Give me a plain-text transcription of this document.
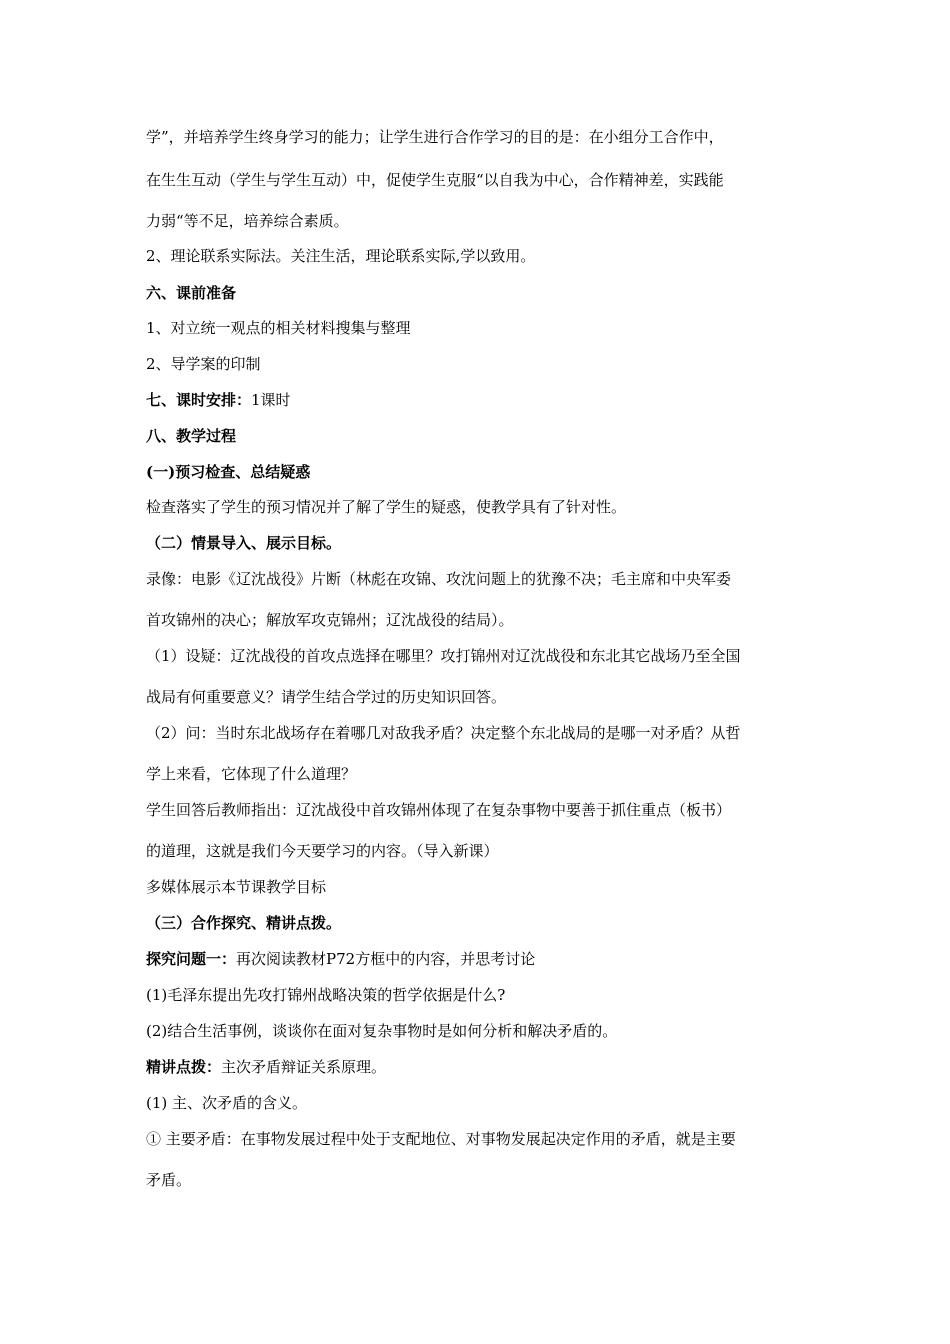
学”，并培养学生终身学习的能力；让学生进行合作学习的目的是：在小组分工合作中，
在生生互动（学生与学生互动）中，促使学生克服“以自我为中心，合作精神差，实践能
力弱“等不足，培养综合素质。
2、理论联系实际法。关注生活，理论联系实际,学以致用。
六、课前准备
1、对立统一观点的相关材料搜集与整理
2、导学案的印制
七、课时安排：1课时
八、教学过程
(一)预习检查、总结疑惑
检查落实了学生的预习情况并了解了学生的疑惑，使教学具有了针对性。
（二）情景导入、展示目标。
录像：电影《辽沈战役》片断（林彪在攻锦、攻沈问题上的犹豫不决；毛主席和中央军委
首攻锦州的决心；解放军攻克锦州；辽沈战役的结局）。
（1）设疑：辽沈战役的首攻点选择在哪里？攻打锦州对辽沈战役和东北其它战场乃至全国
战局有何重要意义？请学生结合学过的历史知识回答。
（2）问：当时东北战场存在着哪几对敌我矛盾？决定整个东北战局的是哪一对矛盾？从哲
学上来看，它体现了什么道理？
学生回答后教师指出：辽沈战役中首攻锦州体现了在复杂事物中要善于抓住重点（板书）
的道理，这就是我们今天要学习的内容。（导入新课）
多媒体展示本节课教学目标
（三）合作探究、精讲点拨。
探究问题一：再次阅读教材P72方框中的内容，并思考讨论
(1)毛泽东提出先攻打锦州战略决策的哲学依据是什么?
(2)结合生活事例，谈谈你在面对复杂事物时是如何分析和解决矛盾的。
精讲点拨：主次矛盾辩证关系原理。
(1) 主、次矛盾的含义。
① 主要矛盾：在事物发展过程中处于支配地位、对事物发展起决定作用的矛盾，就是主要
矛盾。
